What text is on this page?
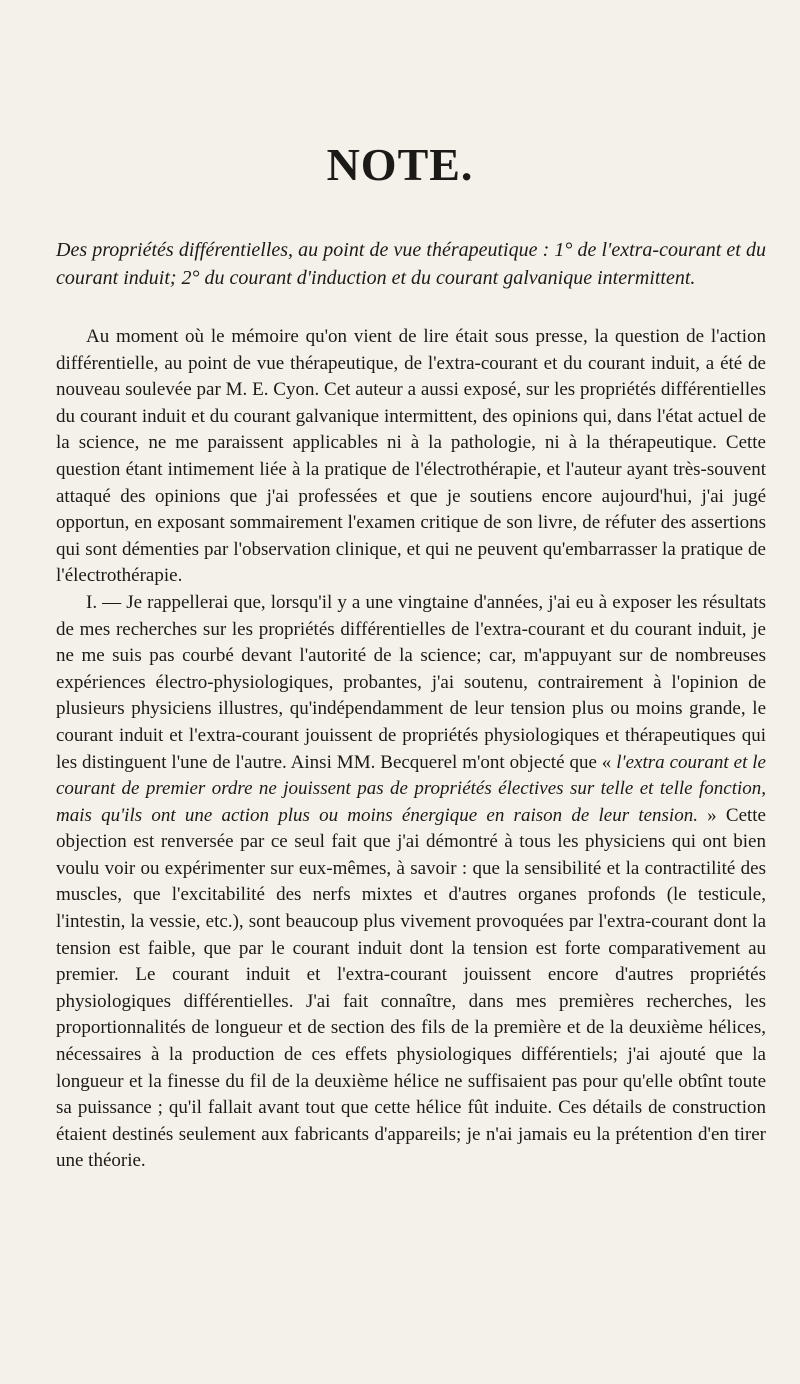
NOTE.
Des propriétés différentielles, au point de vue thérapeutique : 1° de l'extra-courant et du courant induit; 2° du courant d'induction et du courant galvanique intermittent.

Au moment où le mémoire qu'on vient de lire était sous presse, la question de l'action différentielle, au point de vue thérapeutique, de l'extra-courant et du courant induit, a été de nouveau soulevée par M. E. Cyon. Cet auteur a aussi exposé, sur les propriétés différentielles du courant induit et du courant galvanique intermittent, des opinions qui, dans l'état actuel de la science, ne me paraissent applicables ni à la pathologie, ni à la thérapeutique. Cette question étant intimement liée à la pratique de l'électrothérapie, et l'auteur ayant très-souvent attaqué des opinions que j'ai professées et que je soutiens encore aujourd'hui, j'ai jugé opportun, en exposant sommairement l'examen critique de son livre, de réfuter des assertions qui sont démenties par l'observation clinique, et qui ne peuvent qu'embarrasser la pratique de l'électrothérapie.

I. — Je rappellerai que, lorsqu'il y a une vingtaine d'années, j'ai eu à exposer les résultats de mes recherches sur les propriétés différentielles de l'extra-courant et du courant induit, je ne me suis pas courbé devant l'autorité de la science; car, m'appuyant sur de nombreuses expériences électro-physiologiques, probantes, j'ai soutenu, contrairement à l'opinion de plusieurs physiciens illustres, qu'indépendamment de leur tension plus ou moins grande, le courant induit et l'extra-courant jouissent de propriétés physiologiques et thérapeutiques qui les distinguent l'une de l'autre. Ainsi MM. Becquerel m'ont objecté que « l'extra courant et le courant de premier ordre ne jouissent pas de propriétés électives sur telle et telle fonction, mais qu'ils ont une action plus ou moins énergique en raison de leur tension. » Cette objection est renversée par ce seul fait que j'ai démontré à tous les physiciens qui ont bien voulu voir ou expérimenter sur eux-mêmes, à savoir : que la sensibilité et la contractilité des muscles, que l'excitabilité des nerfs mixtes et d'autres organes profonds (le testicule, l'intestin, la vessie, etc.), sont beaucoup plus vivement provoquées par l'extra-courant dont la tension est faible, que par le courant induit dont la tension est forte comparativement au premier. Le courant induit et l'extra-courant jouissent encore d'autres propriétés physiologiques différentielles. J'ai fait connaître, dans mes premières recherches, les proportionnalités de longueur et de section des fils de la première et de la deuxième hélices, nécessaires à la production de ces effets physiologiques différentiels; j'ai ajouté que la longueur et la finesse du fil de la deuxième hélice ne suffisaient pas pour qu'elle obtînt toute sa puissance ; qu'il fallait avant tout que cette hélice fût induite. Ces détails de construction étaient destinés seulement aux fabricants d'appareils; je n'ai jamais eu la prétention d'en tirer une théorie.
